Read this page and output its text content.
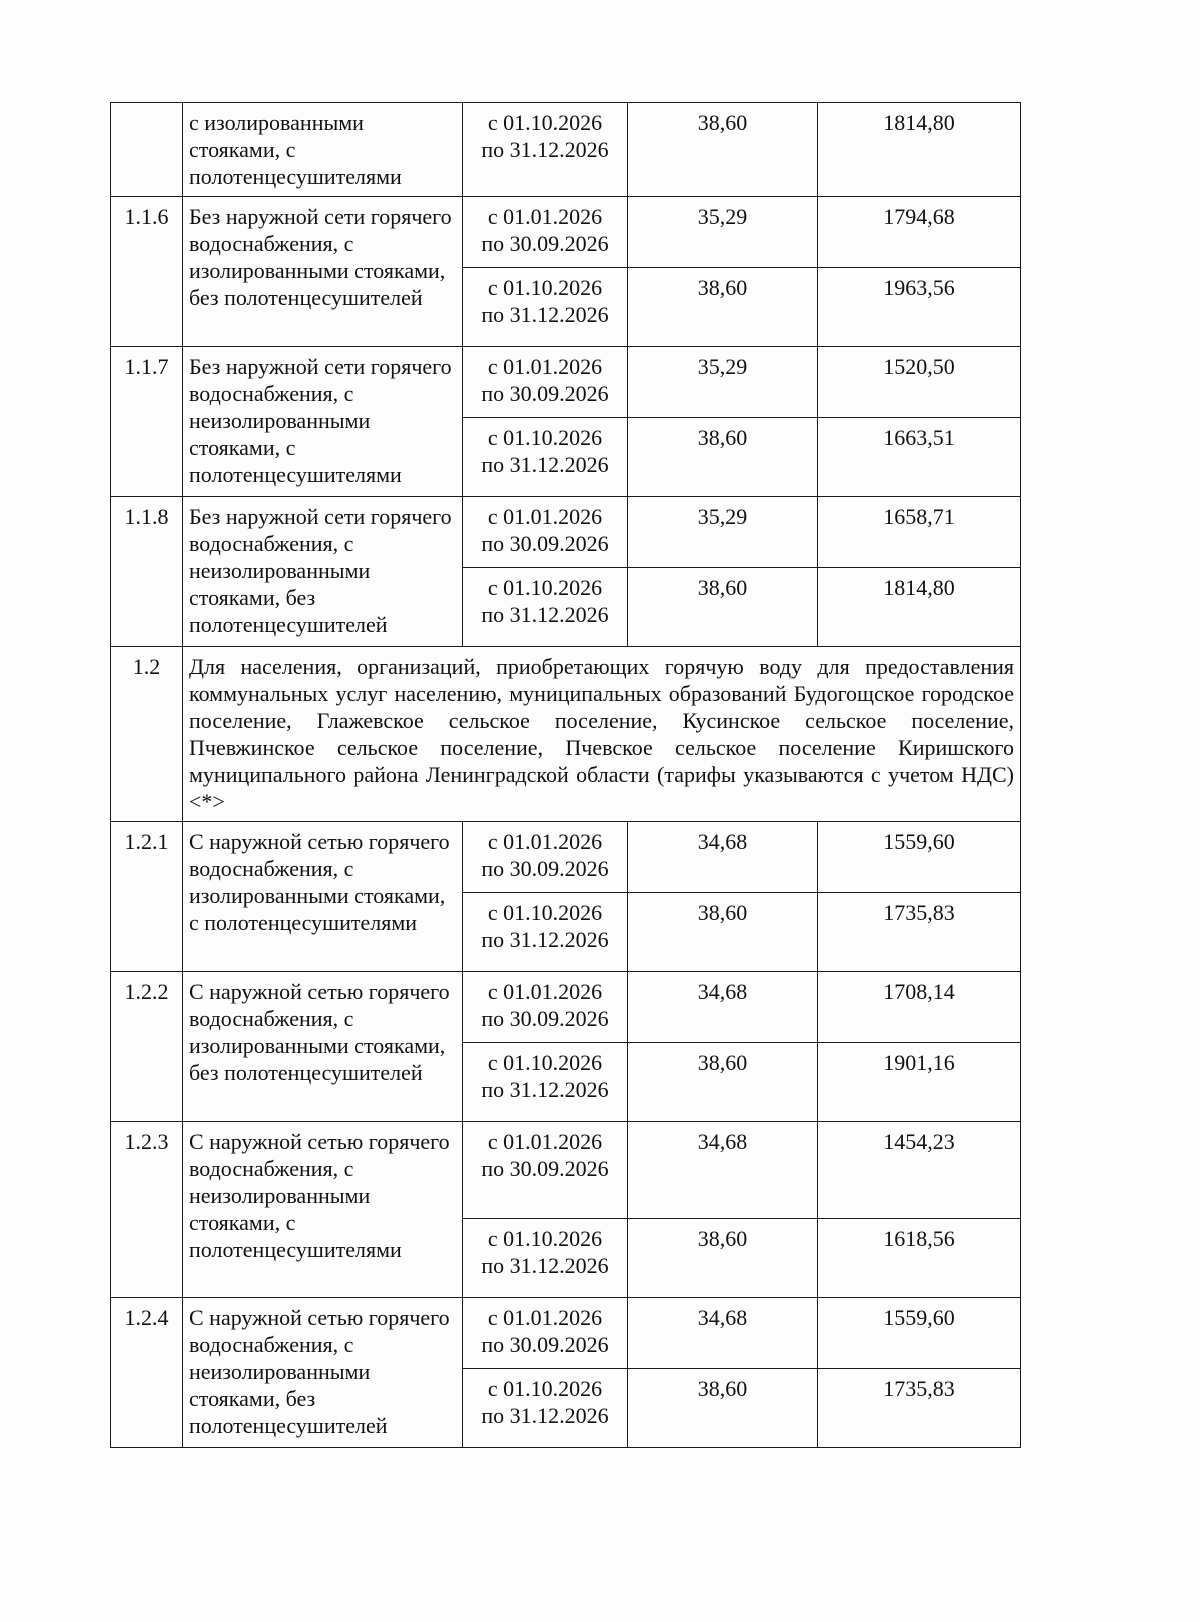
	с изолированными стояками, с полотенцесушителями	с 01.10.2026
по 31.12.2026	38,60	1814,80
1.1.6	Без наружной сети горячего водоснабжения, с изолированными стояками, без полотенцесушителей	с 01.01.2026
по 30.09.2026	35,29	1794,68
		с 01.10.2026
по 31.12.2026	38,60	1963,56
1.1.7	Без наружной сети горячего водоснабжения, с неизолированными стояками, с полотенцесушителями	с 01.01.2026
по 30.09.2026	35,29	1520,50
		с 01.10.2026
по 31.12.2026	38,60	1663,51
1.1.8	Без наружной сети горячего водоснабжения, с неизолированными стояками, без полотенцесушителей	с 01.01.2026
по 30.09.2026	35,29	1658,71
		с 01.10.2026
по 31.12.2026	38,60	1814,80
1.2	Для населения, организаций, приобретающих горячую воду для предоставления коммунальных услуг населению, муниципальных образований Будогощское городское поселение, Глажевское сельское поселение, Кусинское сельское поселение, Пчевжинское сельское поселение, Пчевское сельское поселение Киришского муниципального района Ленинградской области (тарифы указываются с учетом НДС) <*>			
1.2.1	С наружной сетью горячего водоснабжения, с изолированными стояками, с полотенцесушителями	с 01.01.2026
по 30.09.2026	34,68	1559,60
		с 01.10.2026
по 31.12.2026	38,60	1735,83
1.2.2	С наружной сетью горячего водоснабжения, с изолированными стояками, без полотенцесушителей	с 01.01.2026
по 30.09.2026	34,68	1708,14
		с 01.10.2026
по 31.12.2026	38,60	1901,16
1.2.3	С наружной сетью горячего водоснабжения, с неизолированными стояками, с полотенцесушителями	с 01.01.2026
по 30.09.2026	34,68	1454,23
		с 01.10.2026
по 31.12.2026	38,60	1618,56
1.2.4	С наружной сетью горячего водоснабжения, с неизолированными стояками, без полотенцесушителей	с 01.01.2026
по 30.09.2026	34,68	1559,60
		с 01.10.2026
по 31.12.2026	38,60	1735,83
